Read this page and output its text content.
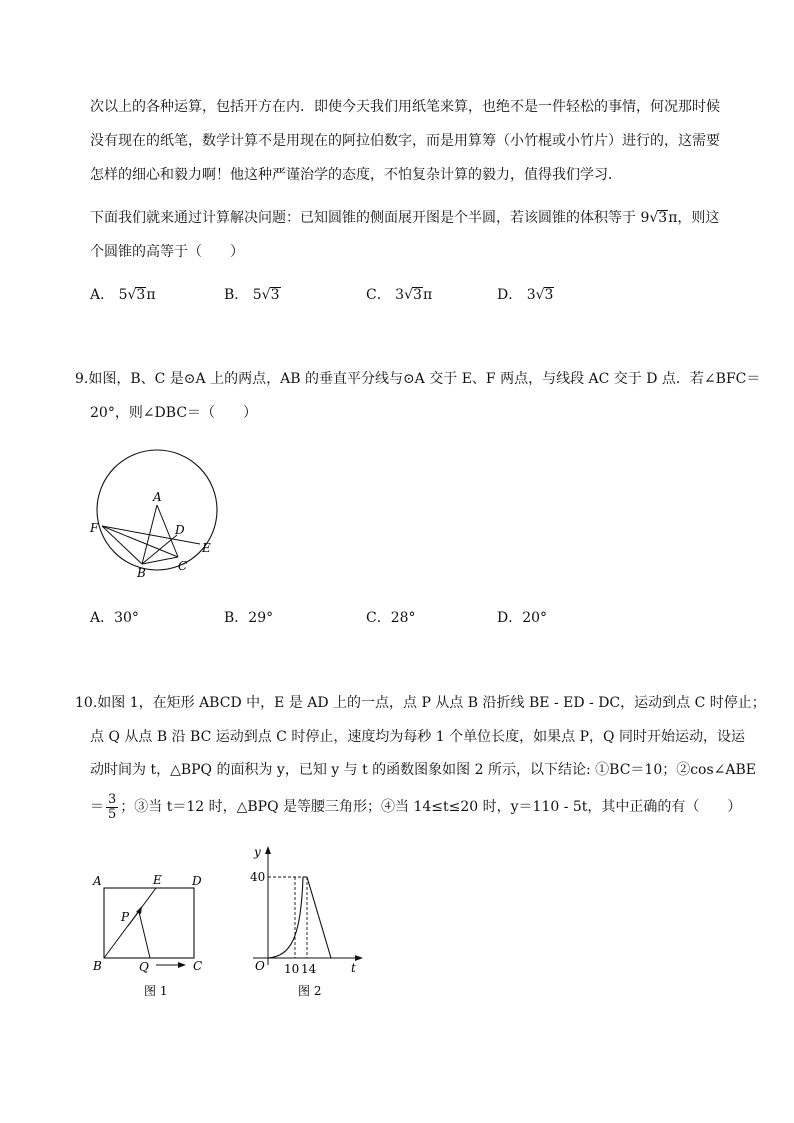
次以上的各种运算，包括开方在内．即使今天我们用纸笔来算，也绝不是一件轻松的事情，何况那时候
没有现在的纸笔，数学计算不是用现在的阿拉伯数字，而是用算筹（小竹棍或小竹片）进行的，这需要
怎样的细心和毅力啊！他这种严谨治学的态度，不怕复杂计算的毅力，值得我们学习．
下面我们就来通过计算解决问题：已知圆锥的侧面展开图是个半圆，若该圆锥的体积等于 9√3π，则这
个圆锥的高等于（　　）
A． 5√3π	B． 5√3	C． 3√3π	D． 3√3
9.如图，B、C 是⊙A 上的两点，AB 的垂直平分线与⊙A 交于 E、F 两点，与线段 AC 交于 D 点．若∠BFC＝
20°，则∠DBC＝（　　）
A
D
F
E
B	C
A．30°	B．29°	C．28°	D．20°
10.如图 1，在矩形 ABCD 中，E 是 AD 上的一点，点 P 从点 B 沿折线 BE - ED - DC，运动到点 C 时停止；
点 Q 从点 B 沿 BC 运动到点 C 时停止，速度均为每秒 1 个单位长度，如果点 P，Q 同时开始运动，设运
动时间为 t，△BPQ 的面积为 y，已知 y 与 t 的函数图象如图 2 所示，以下结论: ①BC＝10；②cos∠ABE
＝ $\frac{3}{5}$ ；③当 t＝12 时，△BPQ 是等腰三角形；④当 14≤t≤20 时，y＝110 - 5t，其中正确的有（　　）
A	E	D
P
B	Q	C
图 1
y
40
O 10 14	t
图 2
